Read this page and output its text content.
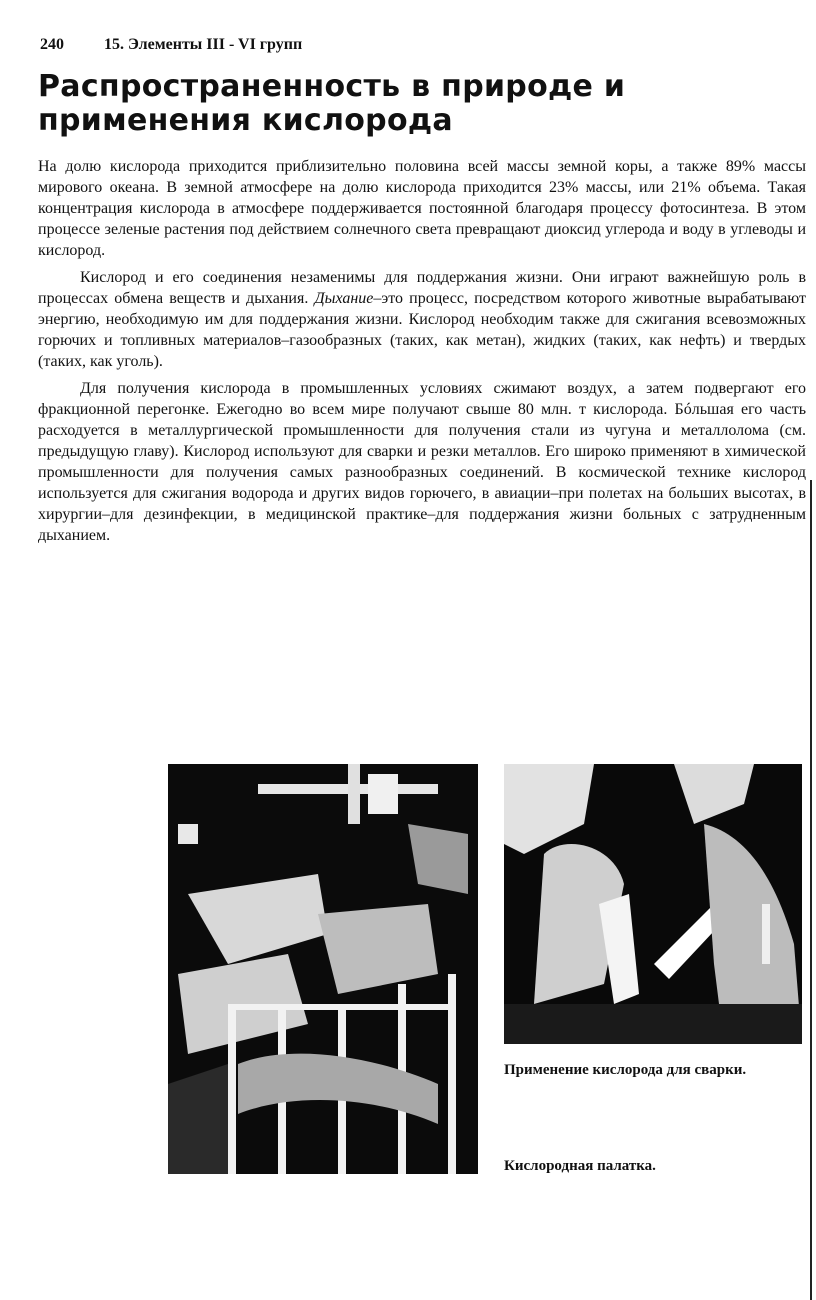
240	15. Элементы III - VI групп
Распространенность в природе и
применения кислорода

На долю кислорода приходится приблизительно половина всей массы земной коры, а также 89% массы мирового океана. В земной атмосфере на долю кислорода приходится 23% массы, или 21% объема. Такая концентрация кислорода в атмосфере поддерживается постоянной благодаря процессу фотосинтеза. В этом процессе зеленые растения под действием солнечного света превращают диоксид углерода и воду в углеводы и кислород.

Кислород и его соединения незаменимы для поддержания жизни. Они играют важнейшую роль в процессах обмена веществ и дыхания. Дыхание–это процесс, посредством которого животные вырабатывают энергию, необходимую им для поддержания жизни. Кислород необходим также для сжигания всевозможных горючих и топливных материалов–газообразных (таких, как метан), жидких (таких, как нефть) и твердых (таких, как уголь).

Для получения кислорода в промышленных условиях сжимают воздух, а затем подвергают его фракционной перегонке. Ежегодно во всем мире получают свыше 80 млн. т кислорода. Бóльшая его часть расходуется в металлургической промышленности для получения стали из чугуна и металлолома (см. предыдущую главу). Кислород используют для сварки и резки металлов. Его широко применяют в химической промышленности для получения самых разнообразных соединений. В космической технике кислород используется для сжигания водорода и других видов горючего, в авиации–при полетах на больших высотах, в хирургии–для дезинфекции, в медицинской практике–для поддержания жизни больных с затрудненным дыханием.

Применение кислорода для сварки.
Кислородная палатка.
